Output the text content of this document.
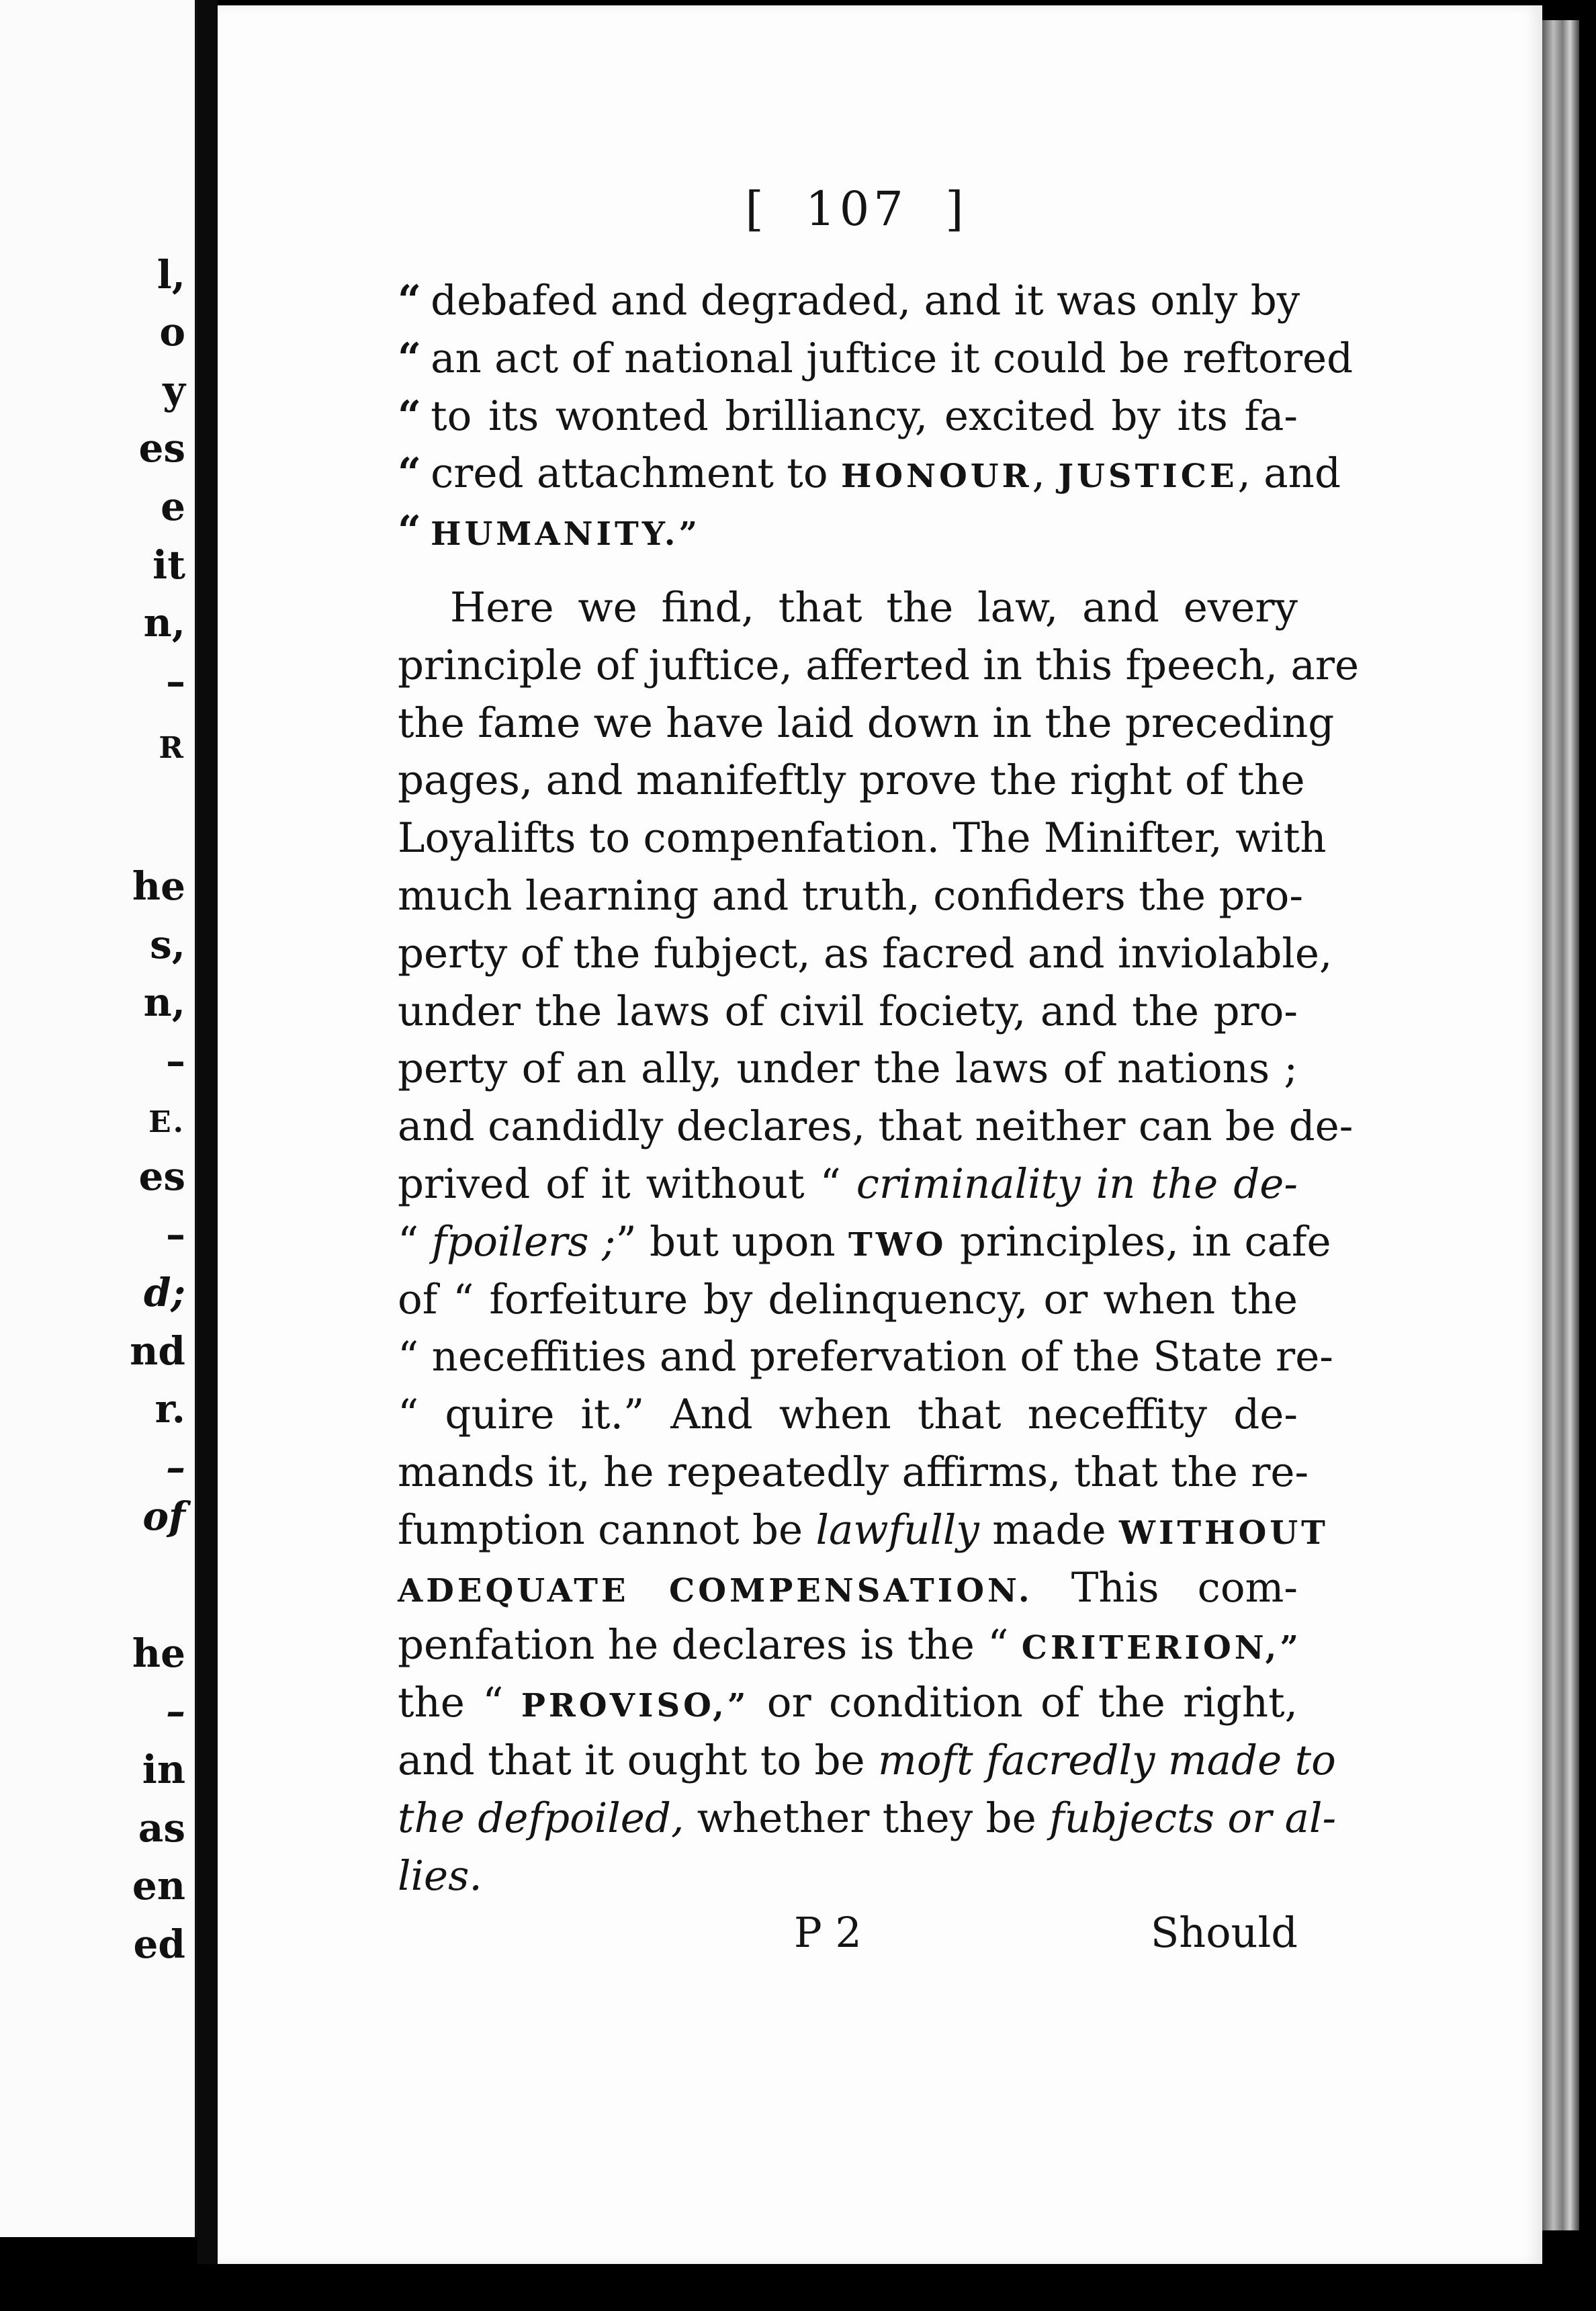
l,
o
y
es
e
it
n,
–
R
he
s,
n,
–
E.
es
–
d;
nd
r.
–
of
he
–
in
as
en
ed
[  107  ]
“ debafed and degraded, and it was only by
“ an act of national juftice it could be reftored
“ to its wonted brilliancy, excited by its fa-
“ cred attachment to HONOUR, JUSTICE, and
“ HUMANITY.”
Here we find, that the law, and every
principle of juftice, afferted in this fpeech, are
the fame we have laid down in the preceding
pages, and manifeftly prove the right of the
Loyalifts to compenfation. The Minifter, with
much learning and truth, confiders the pro-
perty of the fubject, as facred and inviolable,
under the laws of civil fociety, and the pro-
perty of an ally, under the laws of nations ;
and candidly declares, that neither can be de-
prived of it without “ criminality in the de-
“ fpoilers ;” but upon TWO principles, in cafe
of “ forfeiture by delinquency, or when the
“ neceffities and prefervation of the State re-
“ quire it.” And when that neceffity de-
mands it, he repeatedly affirms, that the re-
fumption cannot be lawfully made WITHOUT
ADEQUATE COMPENSATION. This com-
penfation he declares is the “ CRITERION,”
the “ PROVISO,” or condition of the right,
and that it ought to be moft facredly made to
the defpoiled, whether they be fubjects or al-
lies.
P 2	Should
